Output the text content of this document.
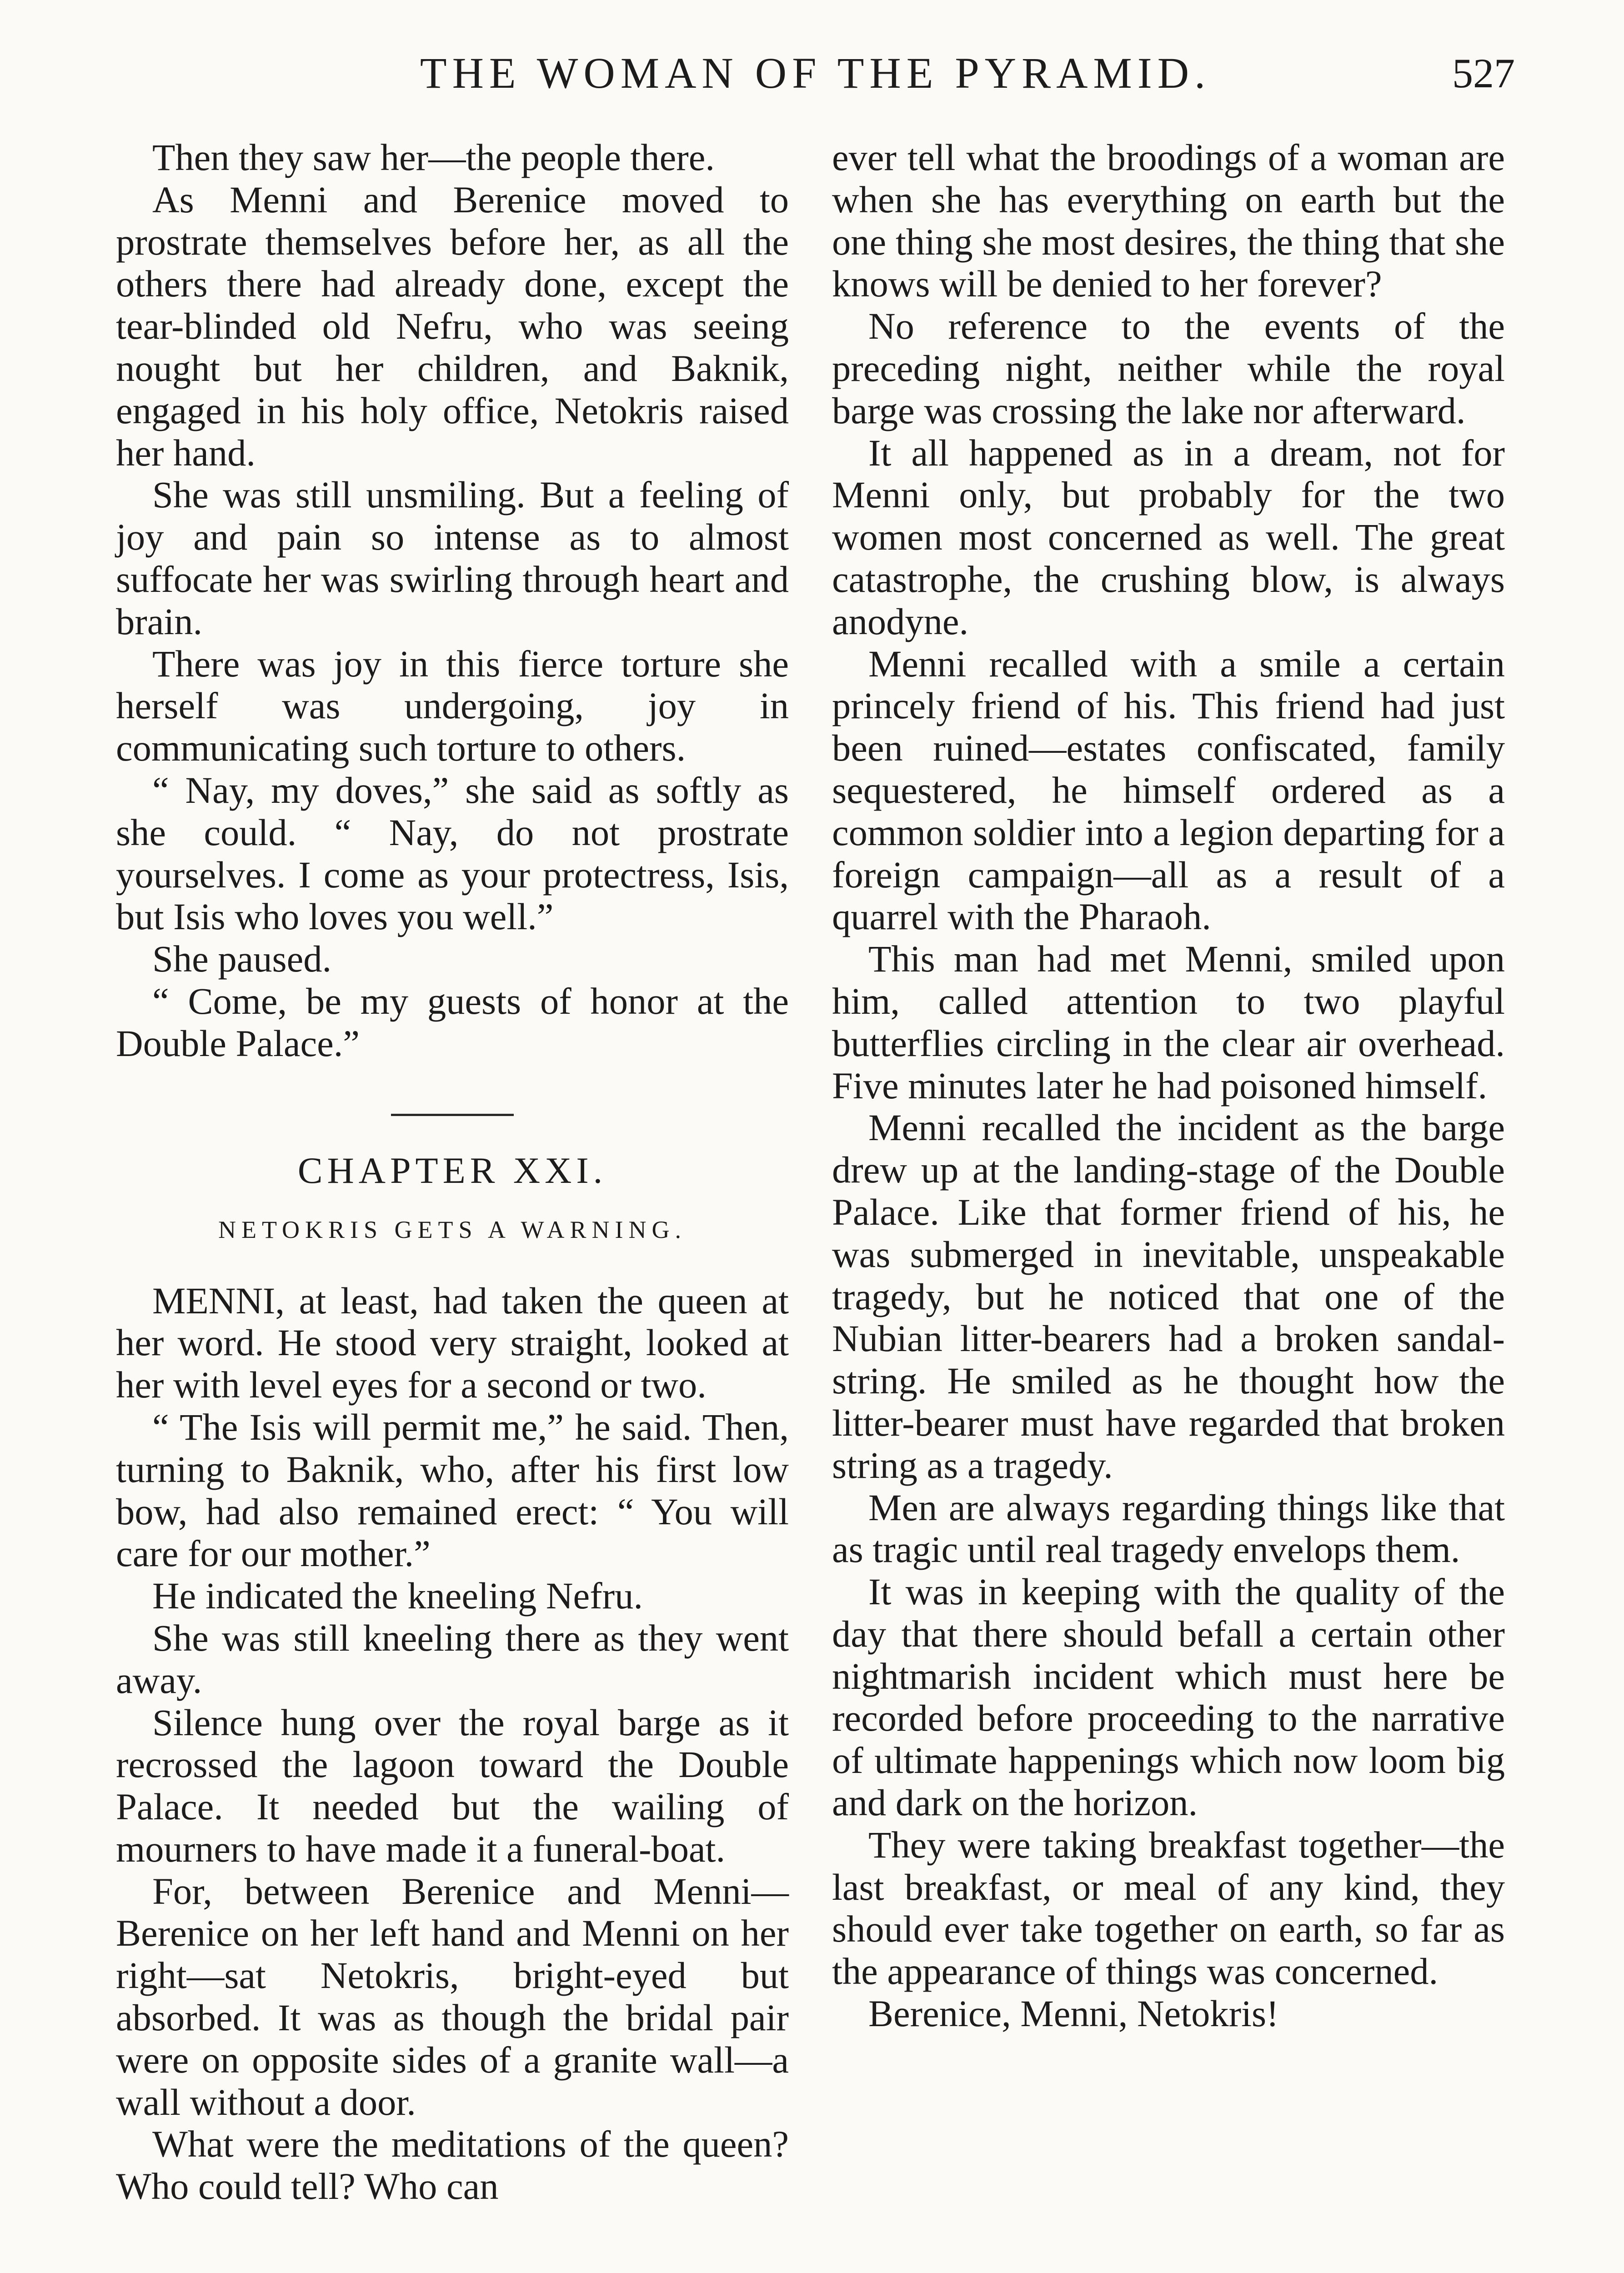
THE WOMAN OF THE PYRAMID.	527

Then they saw her—the people there.

As Menni and Berenice moved to prostrate themselves before her, as all the others there had already done, except the tear-blinded old Nefru, who was seeing nought but her children, and Baknik, engaged in his holy office, Netokris raised her hand.

She was still unsmiling. But a feeling of joy and pain so intense as to almost suffocate her was swirling through heart and brain.

There was joy in this fierce torture she herself was undergoing, joy in communicating such torture to others.

“ Nay, my doves,” she said as softly as she could. “ Nay, do not prostrate yourselves. I come as your protectress, Isis, but Isis who loves you well.”

She paused.

“ Come, be my guests of honor at the Double Palace.”

CHAPTER XXI.
NETOKRIS GETS A WARNING.

MENNI, at least, had taken the queen at her word. He stood very straight, looked at her with level eyes for a second or two.

“ The Isis will permit me,” he said. Then, turning to Baknik, who, after his first low bow, had also remained erect: “ You will care for our mother.”

He indicated the kneeling Nefru.

She was still kneeling there as they went away.

Silence hung over the royal barge as it recrossed the lagoon toward the Double Palace. It needed but the wailing of mourners to have made it a funeral-boat.

For, between Berenice and Menni—Berenice on her left hand and Menni on her right—sat Netokris, bright-eyed but absorbed. It was as though the bridal pair were on opposite sides of a granite wall—a wall without a door.

What were the meditations of the queen? Who could tell? Who can

ever tell what the broodings of a woman are when she has everything on earth but the one thing she most desires, the thing that she knows will be denied to her forever?

No reference to the events of the preceding night, neither while the royal barge was crossing the lake nor afterward.

It all happened as in a dream, not for Menni only, but probably for the two women most concerned as well. The great catastrophe, the crushing blow, is always anodyne.

Menni recalled with a smile a certain princely friend of his. This friend had just been ruined—estates confiscated, family sequestered, he himself ordered as a common soldier into a legion departing for a foreign campaign—all as a result of a quarrel with the Pharaoh.

This man had met Menni, smiled upon him, called attention to two playful butterflies circling in the clear air overhead. Five minutes later he had poisoned himself.

Menni recalled the incident as the barge drew up at the landing-stage of the Double Palace. Like that former friend of his, he was submerged in inevitable, unspeakable tragedy, but he noticed that one of the Nubian litter-bearers had a broken sandal-string. He smiled as he thought how the litter-bearer must have regarded that broken string as a tragedy.

Men are always regarding things like that as tragic until real tragedy envelops them.

It was in keeping with the quality of the day that there should befall a certain other nightmarish incident which must here be recorded before proceeding to the narrative of ultimate happenings which now loom big and dark on the horizon.

They were taking breakfast together—the last breakfast, or meal of any kind, they should ever take together on earth, so far as the appearance of things was concerned.

Berenice, Menni, Netokris!
